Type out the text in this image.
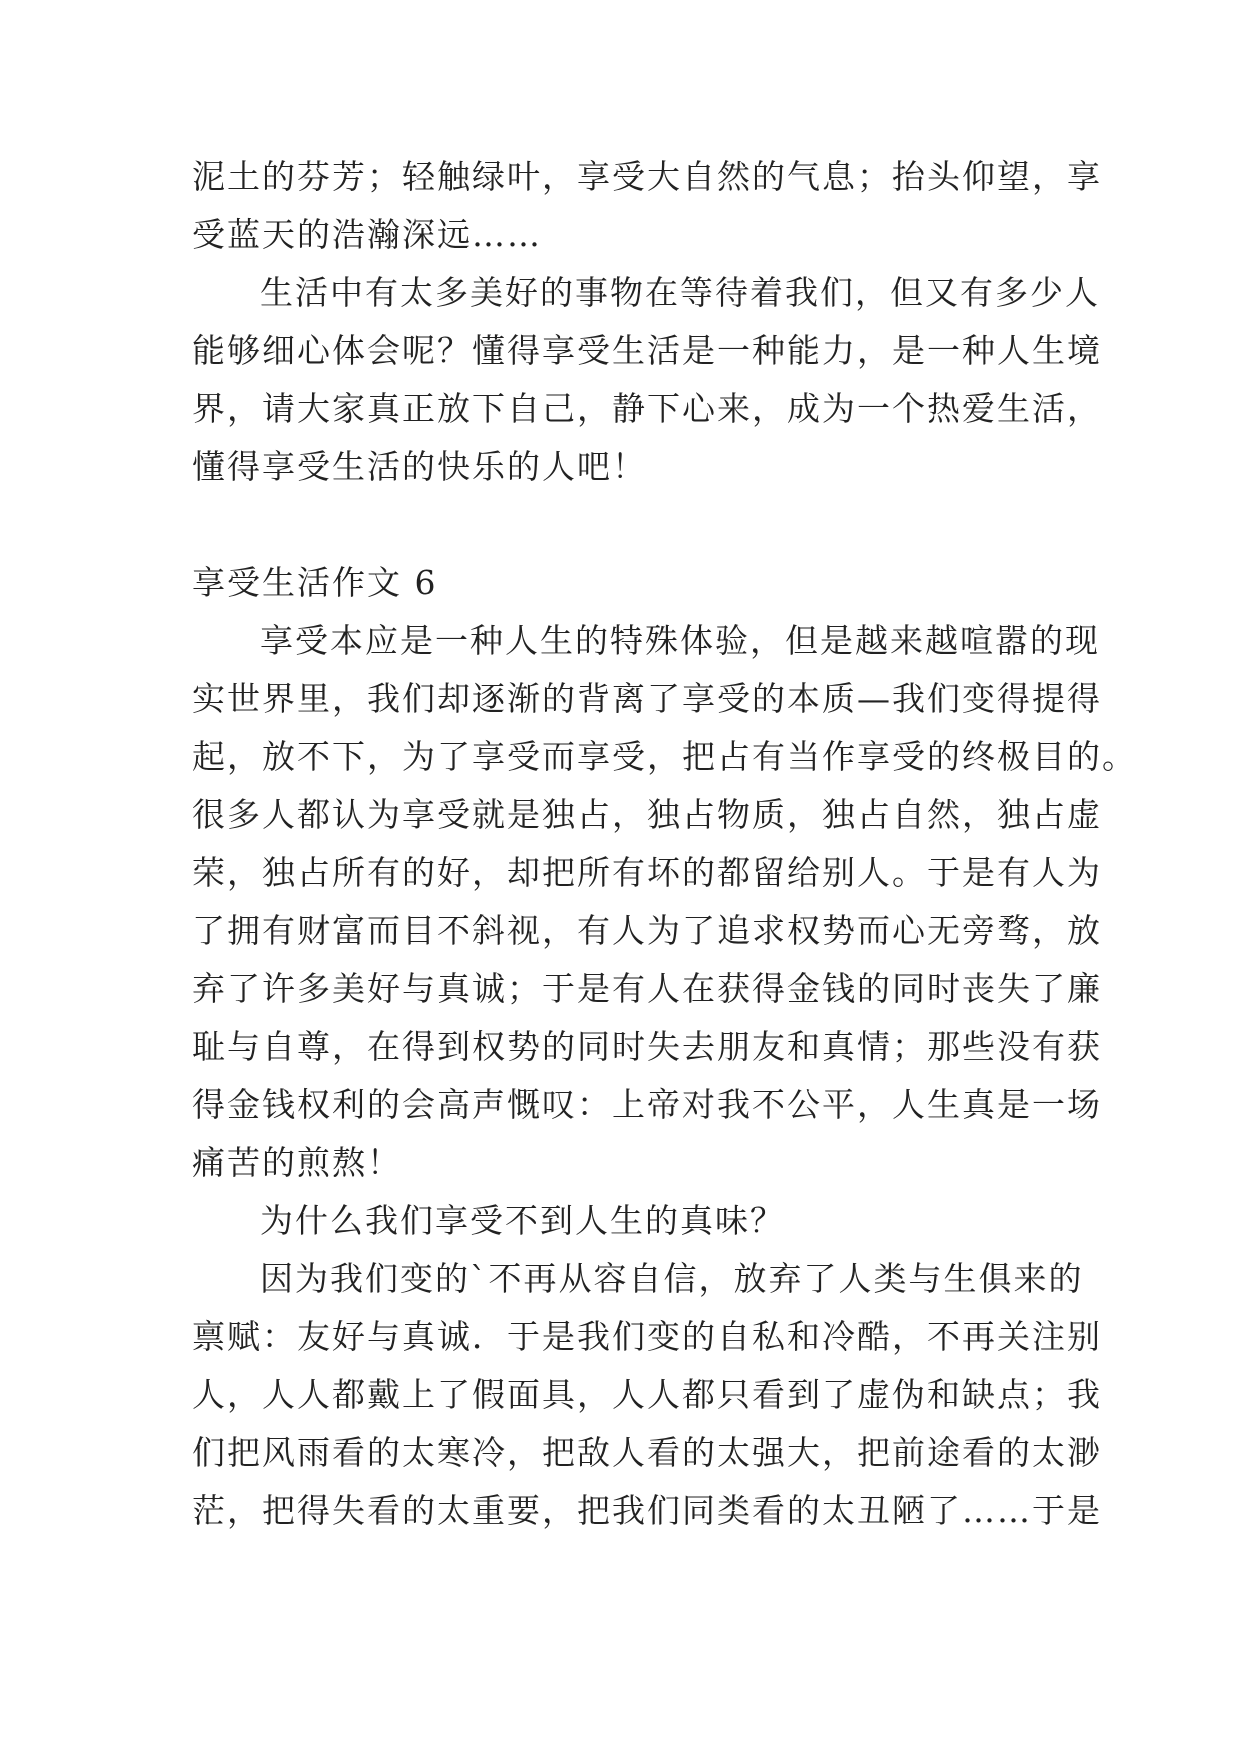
泥土的芬芳；轻触绿叶，享受大自然的气息；抬头仰望，享
受蓝天的浩瀚深远……
生活中有太多美好的事物在等待着我们，但又有多少人
能够细心体会呢？懂得享受生活是一种能力，是一种人生境
界，请大家真正放下自己，静下心来，成为一个热爱生活，
懂得享受生活的快乐的人吧！
享受生活作文 6
享受本应是一种人生的特殊体验，但是越来越喧嚣的现
实世界里，我们却逐渐的背离了享受的本质—我们变得提得
起，放不下，为了享受而享受，把占有当作享受的终极目的。
很多人都认为享受就是独占，独占物质，独占自然，独占虚
荣，独占所有的好，却把所有坏的都留给别人。于是有人为
了拥有财富而目不斜视，有人为了追求权势而心无旁骛，放
弃了许多美好与真诚；于是有人在获得金钱的同时丧失了廉
耻与自尊，在得到权势的同时失去朋友和真情；那些没有获
得金钱权利的会高声慨叹：上帝对我不公平，人生真是一场
痛苦的煎熬！
为什么我们享受不到人生的真味？
因为我们变的`不再从容自信，放弃了人类与生俱来的
禀赋：友好与真诚．于是我们变的自私和冷酷，不再关注别
人，人人都戴上了假面具，人人都只看到了虚伪和缺点；我
们把风雨看的太寒冷，把敌人看的太强大，把前途看的太渺
茫，把得失看的太重要，把我们同类看的太丑陋了……于是
